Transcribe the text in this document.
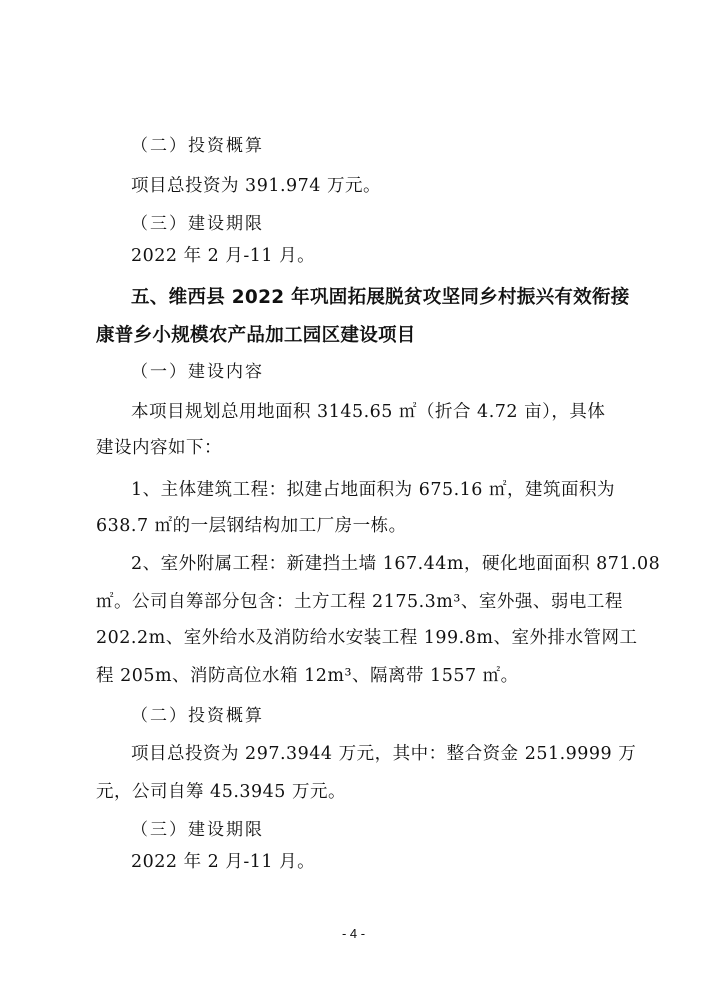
（二）投资概算
项目总投资为 391.974 万元。
（三）建设期限
2022 年 2 月-11 月。
五、维西县 2022 年巩固拓展脱贫攻坚同乡村振兴有效衔接
康普乡小规模农产品加工园区建设项目
（一）建设内容
本项目规划总用地面积 3145.65 ㎡（折合 4.72 亩），具体
建设内容如下：
1、主体建筑工程：拟建占地面积为 675.16 ㎡，建筑面积为
638.7 ㎡的一层钢结构加工厂房一栋。
2、室外附属工程：新建挡土墙 167.44m，硬化地面面积 871.08
㎡。公司自筹部分包含：土方工程 2175.3m³、室外强、弱电工程
202.2m、室外给水及消防给水安装工程 199.8m、室外排水管网工
程 205m、消防高位水箱 12m³、隔离带 1557 ㎡。
（二）投资概算
项目总投资为 297.3944 万元，其中：整合资金 251.9999 万
元，公司自筹 45.3945 万元。
（三）建设期限
2022 年 2 月-11 月。
- 4 -
